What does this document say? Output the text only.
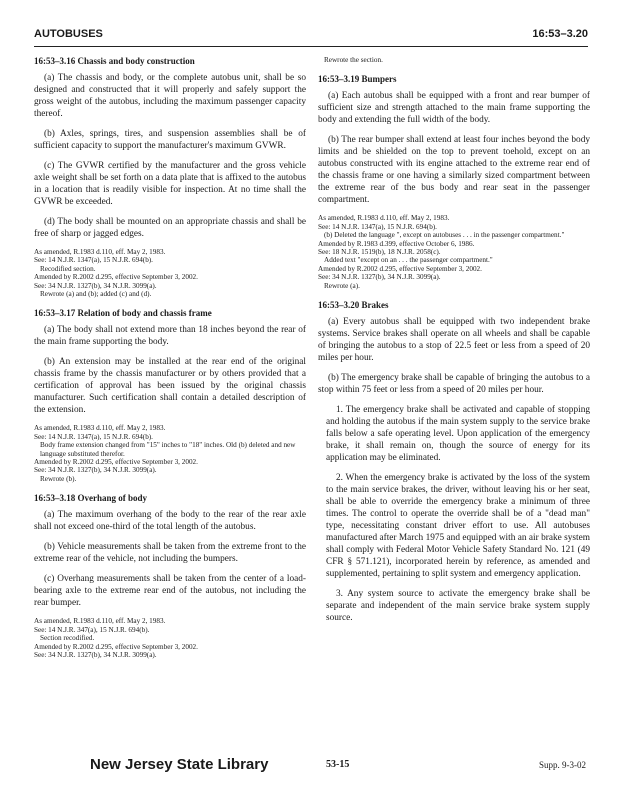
AUTOBUSES	16:53–3.20
16:53–3.16 Chassis and body construction

(a) The chassis and body, or the complete autobus unit, shall be so designed and constructed that it will properly and safely support the gross weight of the autobus, including the maximum passenger capacity thereof.

(b) Axles, springs, tires, and suspension assemblies shall be of sufficient capacity to support the manufacturer's maximum GVWR.

(c) The GVWR certified by the manufacturer and the gross vehicle axle weight shall be set forth on a data plate that is affixed to the autobus in a location that is readily visible for inspection. At no time shall the GVWR be exceeded.

(d) The body shall be mounted on an appropriate chassis and shall be free of sharp or jagged edges.

As amended, R.1983 d.110, eff. May 2, 1983.
See: 14 N.J.R. 1347(a), 15 N.J.R. 694(b).
Recodified section.
Amended by R.2002 d.295, effective September 3, 2002.
See: 34 N.J.R. 1327(b), 34 N.J.R. 3099(a).
Rewrote (a) and (b); added (c) and (d).
16:53–3.17 Relation of body and chassis frame

(a) The body shall not extend more than 18 inches beyond the rear of the main frame supporting the body.

(b) An extension may be installed at the rear end of the original chassis frame by the chassis manufacturer or by others provided that a certification of approval has been issued by the original chassis manufacturer. Such certification shall contain a detailed description of the extension.

As amended, R.1983 d.110, eff. May 2, 1983.
See: 14 N.J.R. 1347(a), 15 N.J.R. 694(b).
Body frame extension changed from "15" inches to "18" inches. Old (b) deleted and new language substituted therefor.
Amended by R.2002 d.295, effective September 3, 2002.
See: 34 N.J.R. 1327(b), 34 N.J.R. 3099(a).
Rewrote (b).
16:53–3.18 Overhang of body

(a) The maximum overhang of the body to the rear of the rear axle shall not exceed one-third of the total length of the autobus.

(b) Vehicle measurements shall be taken from the extreme front to the extreme rear of the vehicle, not including the bumpers.

(c) Overhang measurements shall be taken from the center of a load-bearing axle to the extreme rear end of the autobus, not including the rear bumper.

As amended, R.1983 d.110, eff. May 2, 1983.
See: 14 N.J.R. 347(a), 15 N.J.R. 694(b).
Section recodified.
Amended by R.2002 d.295, effective September 3, 2002.
See: 34 N.J.R. 1327(b), 34 N.J.R. 3099(a).
Rewrote the section.
16:53–3.19 Bumpers

(a) Each autobus shall be equipped with a front and rear bumper of sufficient size and strength attached to the main frame supporting the body and extending the full width of the body.

(b) The rear bumper shall extend at least four inches beyond the body limits and be shielded on the top to prevent toehold, except on an autobus constructed with its engine attached to the extreme rear end of the chassis frame or one having a similarly sized compartment between the extreme rear of the bus body and rear seat in the passenger compartment.

As amended, R.1983 d.110, eff. May 2, 1983.
See: 14 N.J.R. 1347(a), 15 N.J.R. 694(b).
(b) Deleted the language ", except on autobuses . . . in the passenger compartment."
Amended by R.1983 d.399, effective October 6, 1986.
See: 18 N.J.R. 1519(b), 18 N.J.R. 2058(c).
Added text "except on an . . . the passenger compartment."
Amended by R.2002 d.295, effective September 3, 2002.
See: 34 N.J.R. 1327(b), 34 N.J.R. 3099(a).
Rewrote (a).
16:53–3.20 Brakes

(a) Every autobus shall be equipped with two independent brake systems. Service brakes shall operate on all wheels and shall be capable of bringing the autobus to a stop of 22.5 feet or less from a speed of 20 miles per hour.

(b) The emergency brake shall be capable of bringing the autobus to a stop within 75 feet or less from a speed of 20 miles per hour.

1. The emergency brake shall be activated and capable of stopping and holding the autobus if the main system supply to the service brake falls below a safe operating level. Upon application of the emergency brake, it shall remain on, though the source of energy for its application may be eliminated.

2. When the emergency brake is activated by the loss of the system to the main service brakes, the driver, without leaving his or her seat, shall be able to override the emergency brake a minimum of three times. The control to operate the override shall be of a "dead man" type, necessitating constant driver effort to use. All autobuses manufactured after March 1975 and equipped with an air brake system shall comply with Federal Motor Vehicle Safety Standard No. 121 (49 CFR § 571.121), incorporated herein by reference, as amended and supplemented, pertaining to split system and emergency application.

3. Any system source to activate the emergency brake shall be separate and independent of the main service brake system supply source.

New Jersey State Library	53-15	Supp. 9-3-02
